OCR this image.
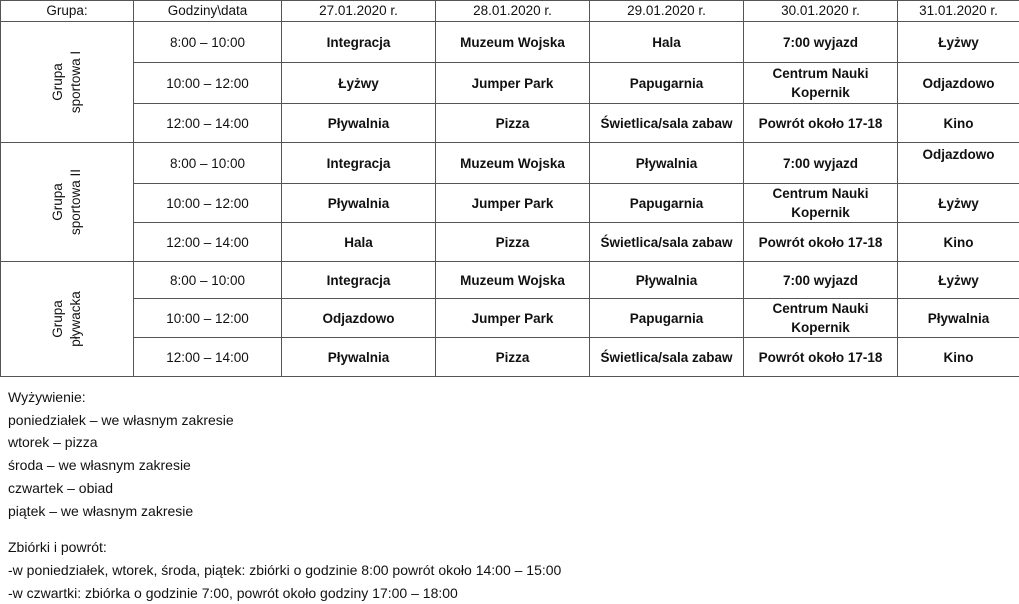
Grupa:	Godziny\data	27.01.2020 r.	28.01.2020 r.	29.01.2020 r.	30.01.2020 r.	31.01.2020 r.
Grupa sportowa I	8:00 – 10:00	Integracja	Muzeum Wojska	Hala	7:00 wyjazd	Łyżwy
	10:00 – 12:00	Łyżwy	Jumper Park	Papugarnia	Centrum Nauki Kopernik	Odjazdowo
	12:00 – 14:00	Pływalnia	Pizza	Świetlica/sala zabaw	Powrót około 17-18	Kino
Grupa sportowa II	8:00 – 10:00	Integracja	Muzeum Wojska	Pływalnia	7:00 wyjazd	Odjazdowo
	10:00 – 12:00	Pływalnia	Jumper Park	Papugarnia	Centrum Nauki Kopernik	Łyżwy
	12:00 – 14:00	Hala	Pizza	Świetlica/sala zabaw	Powrót około 17-18	Kino
Grupa pływacka	8:00 – 10:00	Integracja	Muzeum Wojska	Pływalnia	7:00 wyjazd	Łyżwy
	10:00 – 12:00	Odjazdowo	Jumper Park	Papugarnia	Centrum Nauki Kopernik	Pływalnia
	12:00 – 14:00	Pływalnia	Pizza	Świetlica/sala zabaw	Powrót około 17-18	Kino
Wyżywienie:
poniedziałek – we własnym zakresie
wtorek – pizza
środa – we własnym zakresie
czwartek – obiad
piątek – we własnym zakresie
Zbiórki i powrót:
-w poniedziałek, wtorek, środa, piątek: zbiórki o godzinie 8:00 powrót około 14:00 – 15:00
-w czwartki: zbiórka o godzinie 7:00, powrót około godziny 17:00 – 18:00
